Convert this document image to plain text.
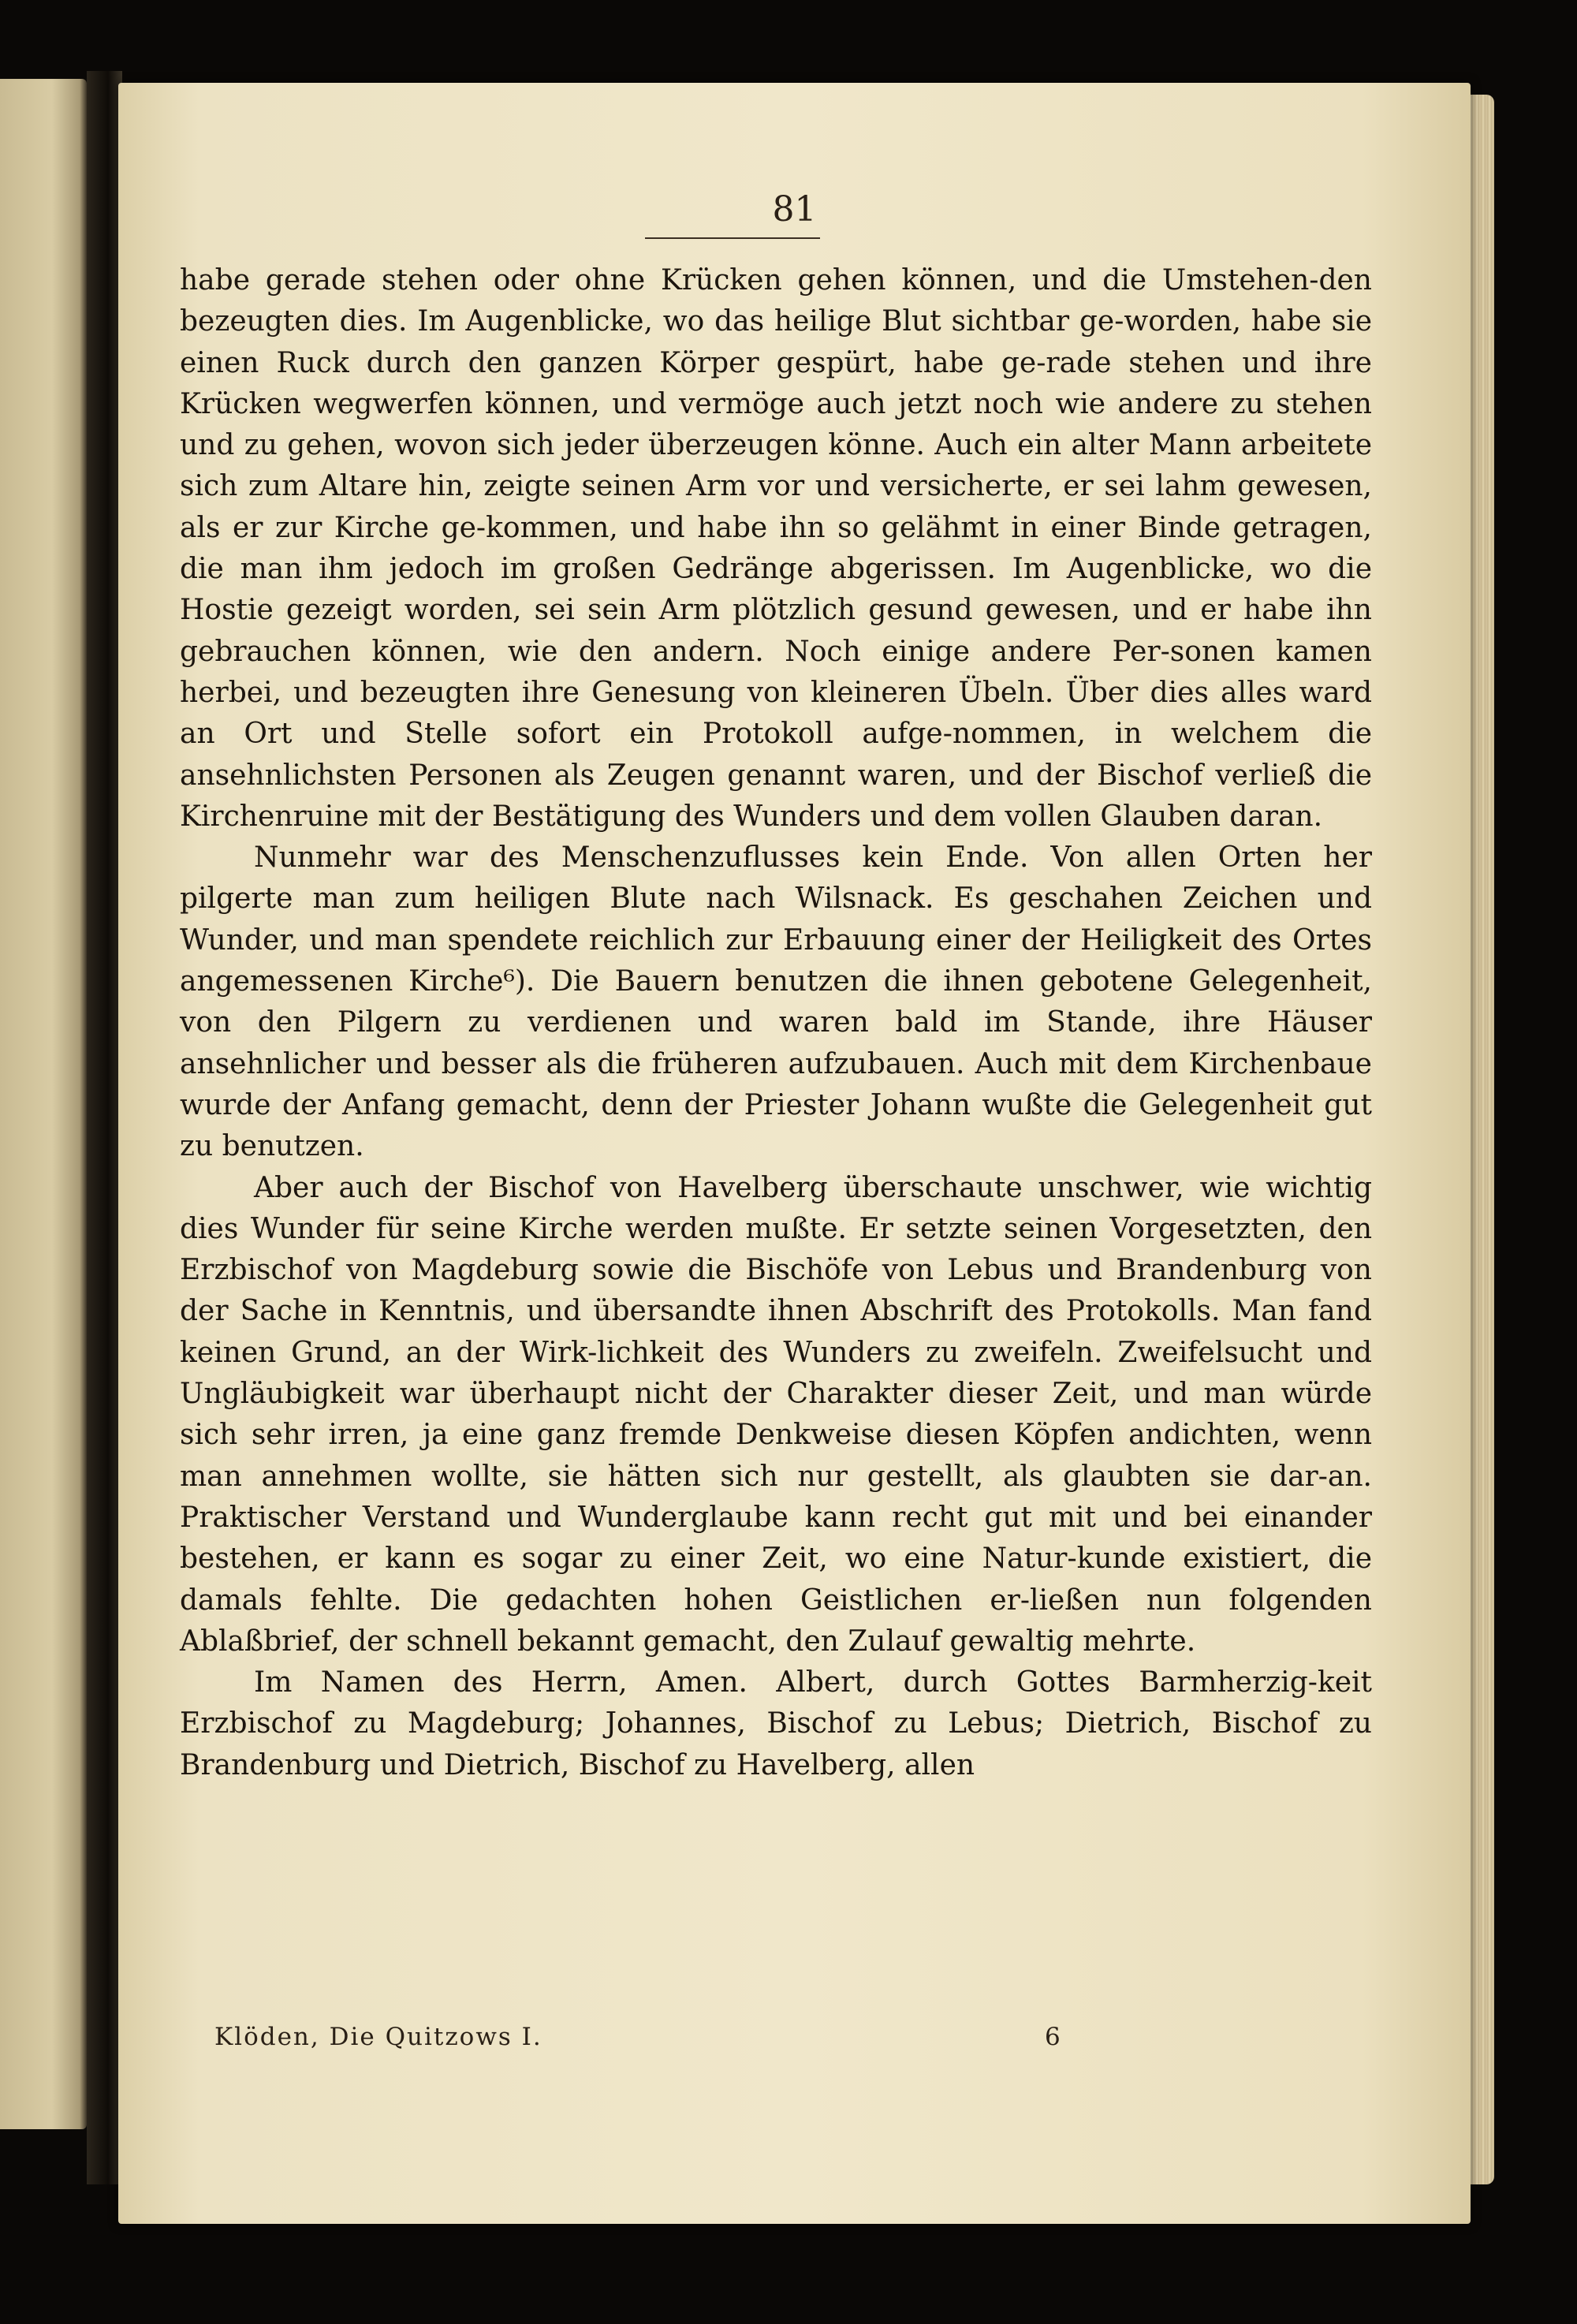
81

habe gerade stehen oder ohne Krücken gehen können, und die Umstehen-den bezeugten dies. Im Augenblicke, wo das heilige Blut sichtbar ge-worden, habe sie einen Ruck durch den ganzen Körper gespürt, habe ge-rade stehen und ihre Krücken wegwerfen können, und vermöge auch jetzt noch wie andere zu stehen und zu gehen, wovon sich jeder überzeugen könne. Auch ein alter Mann arbeitete sich zum Altare hin, zeigte seinen Arm vor und versicherte, er sei lahm gewesen, als er zur Kirche ge-kommen, und habe ihn so gelähmt in einer Binde getragen, die man ihm jedoch im großen Gedränge abgerissen. Im Augenblicke, wo die Hostie gezeigt worden, sei sein Arm plötzlich gesund gewesen, und er habe ihn gebrauchen können, wie den andern. Noch einige andere Per-sonen kamen herbei, und bezeugten ihre Genesung von kleineren Übeln. Über dies alles ward an Ort und Stelle sofort ein Protokoll aufge-nommen, in welchem die ansehnlichsten Personen als Zeugen genannt waren, und der Bischof verließ die Kirchenruine mit der Bestätigung des Wunders und dem vollen Glauben daran.

Nunmehr war des Menschenzuflusses kein Ende. Von allen Orten her pilgerte man zum heiligen Blute nach Wilsnack. Es geschahen Zeichen und Wunder, und man spendete reichlich zur Erbauung einer der Heiligkeit des Ortes angemessenen Kirche⁶). Die Bauern benutzen die ihnen gebotene Gelegenheit, von den Pilgern zu verdienen und waren bald im Stande, ihre Häuser ansehnlicher und besser als die früheren aufzubauen. Auch mit dem Kirchenbaue wurde der Anfang gemacht, denn der Priester Johann wußte die Gelegenheit gut zu benutzen.

Aber auch der Bischof von Havelberg überschaute unschwer, wie wichtig dies Wunder für seine Kirche werden mußte. Er setzte seinen Vorgesetzten, den Erzbischof von Magdeburg sowie die Bischöfe von Lebus und Brandenburg von der Sache in Kenntnis, und übersandte ihnen Abschrift des Protokolls. Man fand keinen Grund, an der Wirk-lichkeit des Wunders zu zweifeln. Zweifelsucht und Ungläubigkeit war überhaupt nicht der Charakter dieser Zeit, und man würde sich sehr irren, ja eine ganz fremde Denkweise diesen Köpfen andichten, wenn man annehmen wollte, sie hätten sich nur gestellt, als glaubten sie dar-an. Praktischer Verstand und Wunderglaube kann recht gut mit und bei einander bestehen, er kann es sogar zu einer Zeit, wo eine Natur-kunde existiert, die damals fehlte. Die gedachten hohen Geistlichen er-ließen nun folgenden Ablaßbrief, der schnell bekannt gemacht, den Zulauf gewaltig mehrte.

Im Namen des Herrn, Amen. Albert, durch Gottes Barmherzig-keit Erzbischof zu Magdeburg; Johannes, Bischof zu Lebus; Dietrich, Bischof zu Brandenburg und Dietrich, Bischof zu Havelberg, allen

Klöden, Die Quitzows I.	6
